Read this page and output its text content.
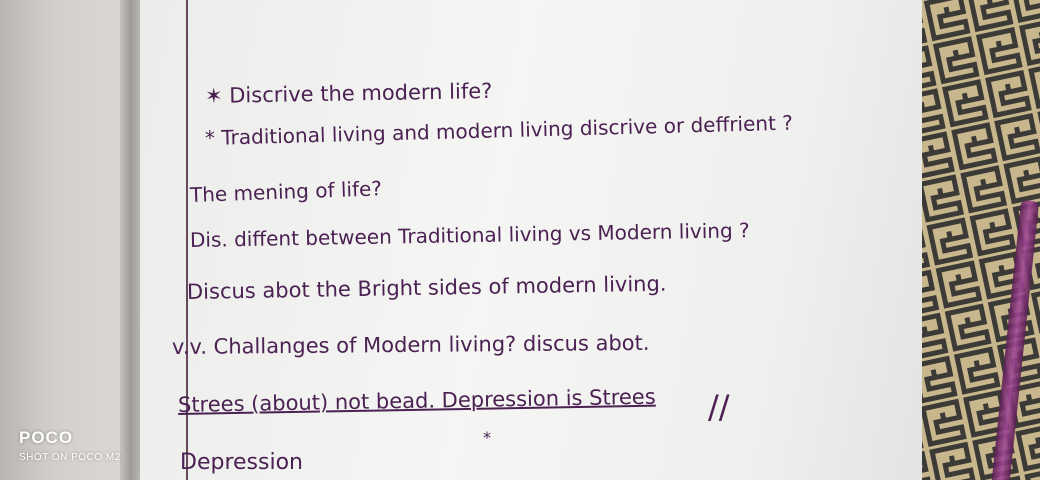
✶ Discrive the modern life?

* Traditional living and modern living discrive or deffrient ?

The mening of life?

Dis. diffent between Traditional living vs Modern living ?

Discus abot the Bright sides of modern living.

v.v. Challanges of Modern living? discus abot.

Strees (about) not bead. Depression is Strees

Depression

//
*
POCO
SHOT ON POCO M2
